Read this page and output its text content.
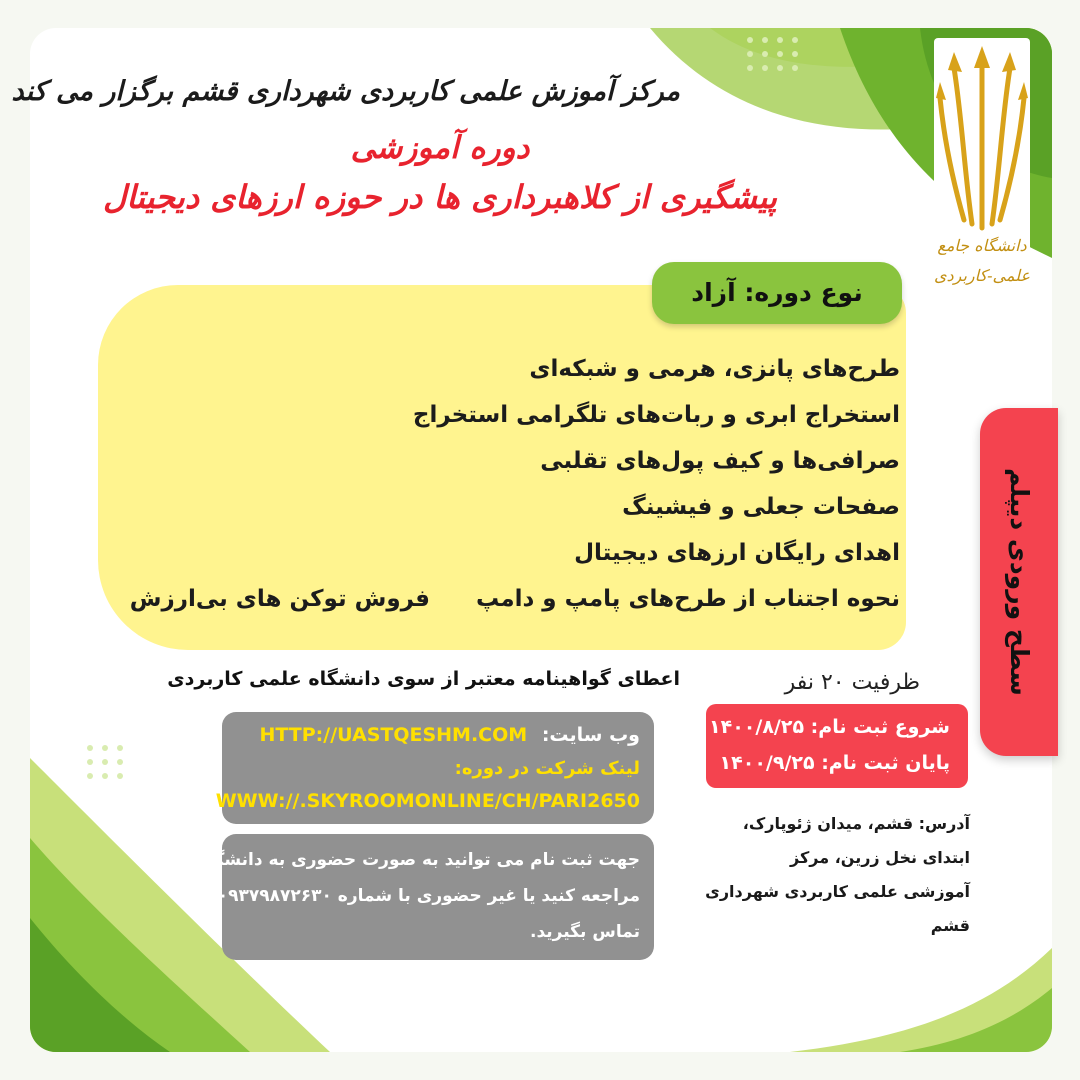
دانشگاه جامع
علمی-کاربردی
مرکز آموزش علمی کاربردی شهرداری قشم برگزار می کند
دوره آموزشی
پیشگیری از کلاهبرداری ها در حوزه ارزهای دیجیتال
نوع دوره: آزاد
طرح‌های پانزی، هرمی و شبکه‌ای
استخراج ابری و ربات‌های تلگرامی استخراج
صرافی‌ها و کیف پول‌های تقلبی
صفحات جعلی و فیشینگ
اهدای رایگان ارزهای دیجیتال
نحوه اجتناب از طرح‌های پامپ و دامپ
فروش توکن های بی‌ارزش	سطح ورودی دیپلم
ظرفیت ۲۰ نفر
اعطای گواهینامه معتبر از سوی دانشگاه علمی کاربردی
شروع ثبت نام: ۱۴۰۰/۸/۲۵
پایان ثبت نام: ۱۴۰۰/۹/۲۵
وب سایت: HTTP://UASTQESHM.COM
لینک شرکت در دوره:
WWW://.SKYROOMONLINE/CH/PARI2650
جهت ثبت نام می توانید به صورت حضوری به دانشگاه
مراجعه کنید یا غیر حضوری با شماره ۰۹۳۷۹۸۷۲۶۳۰
تماس بگیرید.
آدرس: قشم، میدان ژئوپارک،
ابتدای نخل زرین، مرکز
آموزشی علمی کاربردی شهرداری
قشم
